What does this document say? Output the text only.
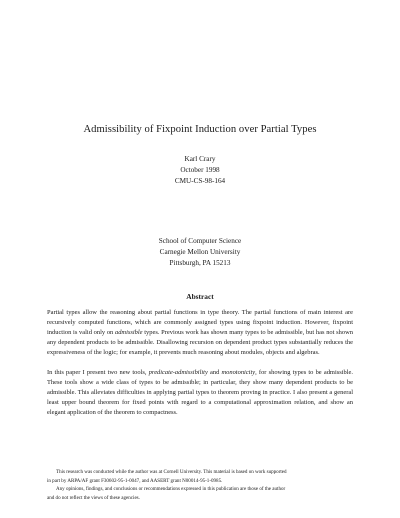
Admissibility of Fixpoint Induction over Partial Types
Karl Crary
October 1998
CMU-CS-98-164
School of Computer Science
Carnegie Mellon University
Pittsburgh, PA 15213
Abstract

Partial types allow the reasoning about partial functions in type theory. The partial functions of main interest are recursively computed functions, which are commonly assigned types using fixpoint induction. However, fixpoint induction is valid only on admissible types. Previous work has shown many types to be admissible, but has not shown any dependent products to be admissible. Disallowing recursion on dependent product types substantially reduces the expressiveness of the logic; for example, it prevents much reasoning about modules, objects and algebras.

In this paper I present two new tools, predicate-admissibility and monotonicity, for showing types to be admissible. These tools show a wide class of types to be admissible; in particular, they show many dependent products to be admissible. This alleviates difficulties in applying partial types to theorem proving in practice. I also present a general least upper bound theorem for fixed points with regard to a computational approximation relation, and show an elegant application of the theorem to compactness.

This research was conducted while the author was at Cornell University. This material is based on work supported
in part by ARPA/AF grant F30602-95-1-0047, and AASERT grant N00014-95-1-0985.
Any opinions, findings, and conclusions or recommendations expressed in this publication are those of the author
and do not reflect the views of these agencies.
